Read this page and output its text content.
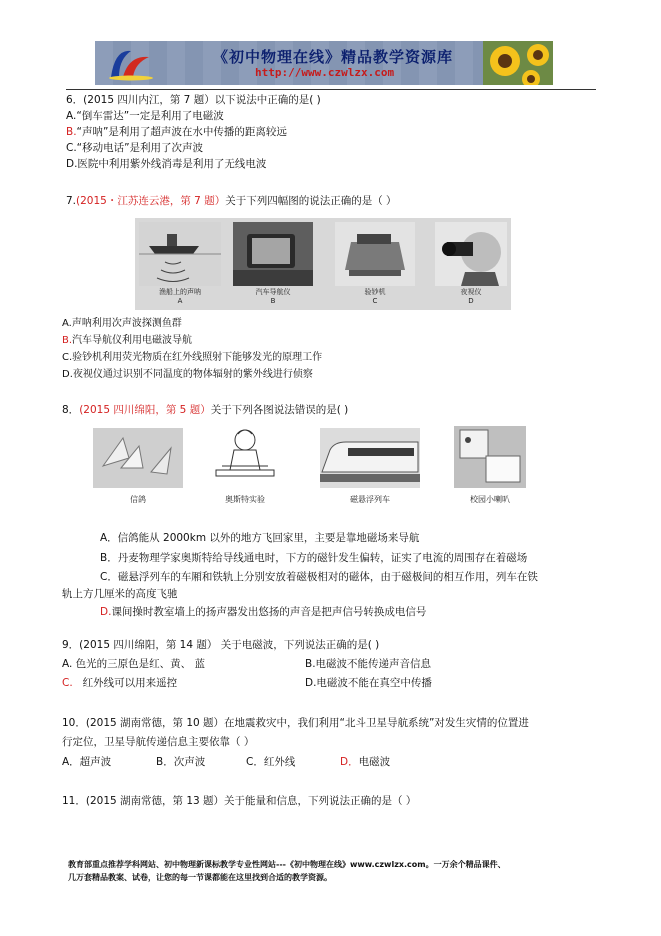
《初中物理在线》精品教学资源库
http://www.czwlzx.com
6．(2015 四川内江，第 7 题）以下说法中正确的是( )
A.“倒车雷达”一定是利用了电磁波
B.“声呐”是利用了超声波在水中传播的距离较远
C.“移动电话”是利用了次声波
D.医院中利用紫外线消毒是利用了无线电波
7.(2015・江苏连云港，第 7 题）关于下列四幅图的说法正确的是（ ）
渔船上的声呐
A
汽车导航仪
B
验钞机
C
夜视仪
D
A.声呐利用次声波探测鱼群
B.汽车导航仪利用电磁波导航
C.验钞机利用荧光物质在红外线照射下能够发光的原理工作
D.夜视仪通过识别不同温度的物体辐射的紫外线进行侦察
8．(2015 四川绵阳，第 5 题）关于下列各图说法错误的是( )
信鸽	奥斯特实验	磁悬浮列车	校园小喇叭
A．信鸽能从 2000km 以外的地方飞回家里，主要是靠地磁场来导航
B．丹麦物理学家奥斯特给导线通电时，下方的磁针发生偏转，证实了电流的周围存在着磁场
C．磁悬浮列车的车厢和铁轨上分别安放着磁极相对的磁体，由于磁极间的相互作用，列车在铁
轨上方几厘米的高度飞驰
D.课间操时教室墙上的扬声器发出悠扬的声音是把声信号转换成电信号
9．(2015 四川绵阳，第 14 题） 关于电磁波，下列说法正确的是( )
A. 色光的三原色是红、黄、 蓝	B.电磁波不能传递声音信息
C. 红外线可以用来遥控	D.电磁波不能在真空中传播
10．(2015 湖南常德，第 10 题）在地震救灾中，我们利用“北斗卫星导航系统”对发生灾情的位置进
行定位，卫星导航传递信息主要依靠（ ）
A．超声波	B．次声波	C．红外线	D．电磁波
11．(2015 湖南常德，第 13 题）关于能量和信息，下列说法正确的是（ ）
教育部重点推荐学科网站、初中物理新课标教学专业性网站---《初中物理在线》www.czwlzx.com。一万余个精品课件、
几万套精品教案、试卷，让您的每一节课都能在这里找到合适的教学资源。
